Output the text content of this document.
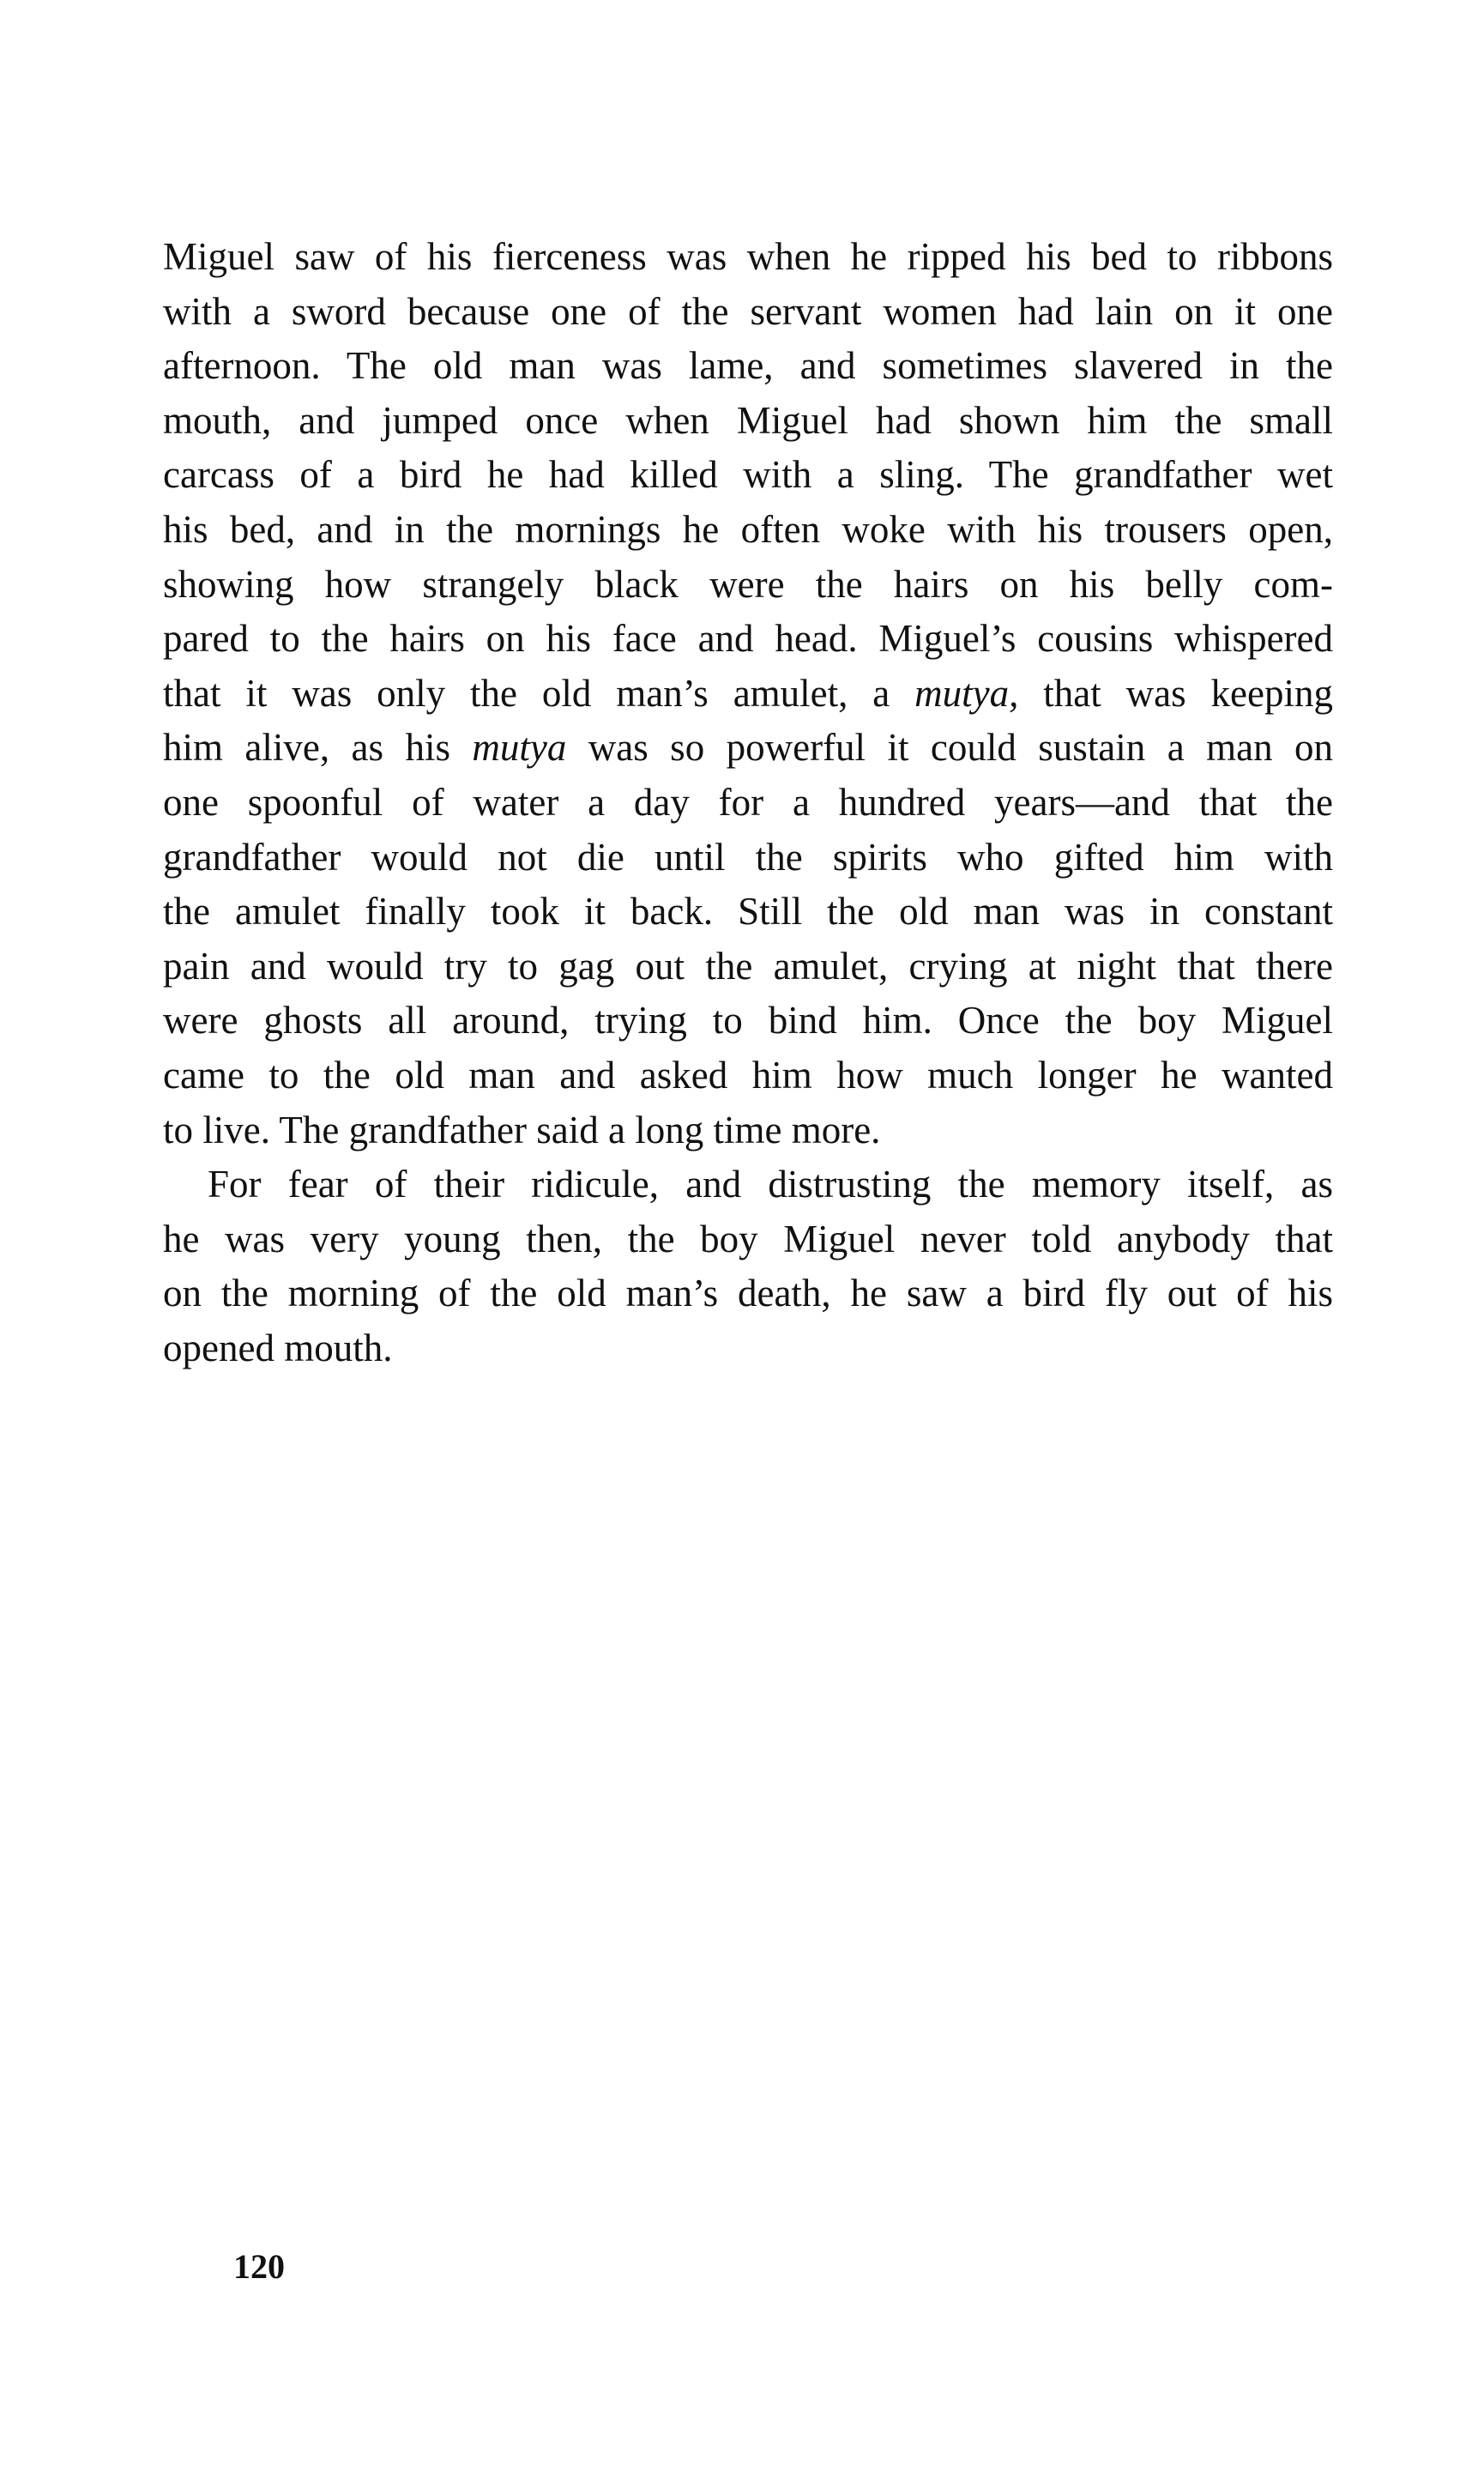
Miguel saw of his fierceness was when he ripped his bed to ribbons
with a sword because one of the servant women had lain on it one
afternoon. The old man was lame, and sometimes slavered in the
mouth, and jumped once when Miguel had shown him the small
carcass of a bird he had killed with a sling. The grandfather wet
his bed, and in the mornings he often woke with his trousers open,
showing how strangely black were the hairs on his belly com-
pared to the hairs on his face and head. Miguel’s cousins whispered
that it was only the old man’s amulet, a mutya, that was keeping
him alive, as his mutya was so powerful it could sustain a man on
one spoonful of water a day for a hundred years—and that the
grandfather would not die until the spirits who gifted him with
the amulet finally took it back. Still the old man was in constant
pain and would try to gag out the amulet, crying at night that there
were ghosts all around, trying to bind him. Once the boy Miguel
came to the old man and asked him how much longer he wanted
to live. The grandfather said a long time more.

For fear of their ridicule, and distrusting the memory itself, as
he was very young then, the boy Miguel never told anybody that
on the morning of the old man’s death, he saw a bird fly out of his
opened mouth.

120
